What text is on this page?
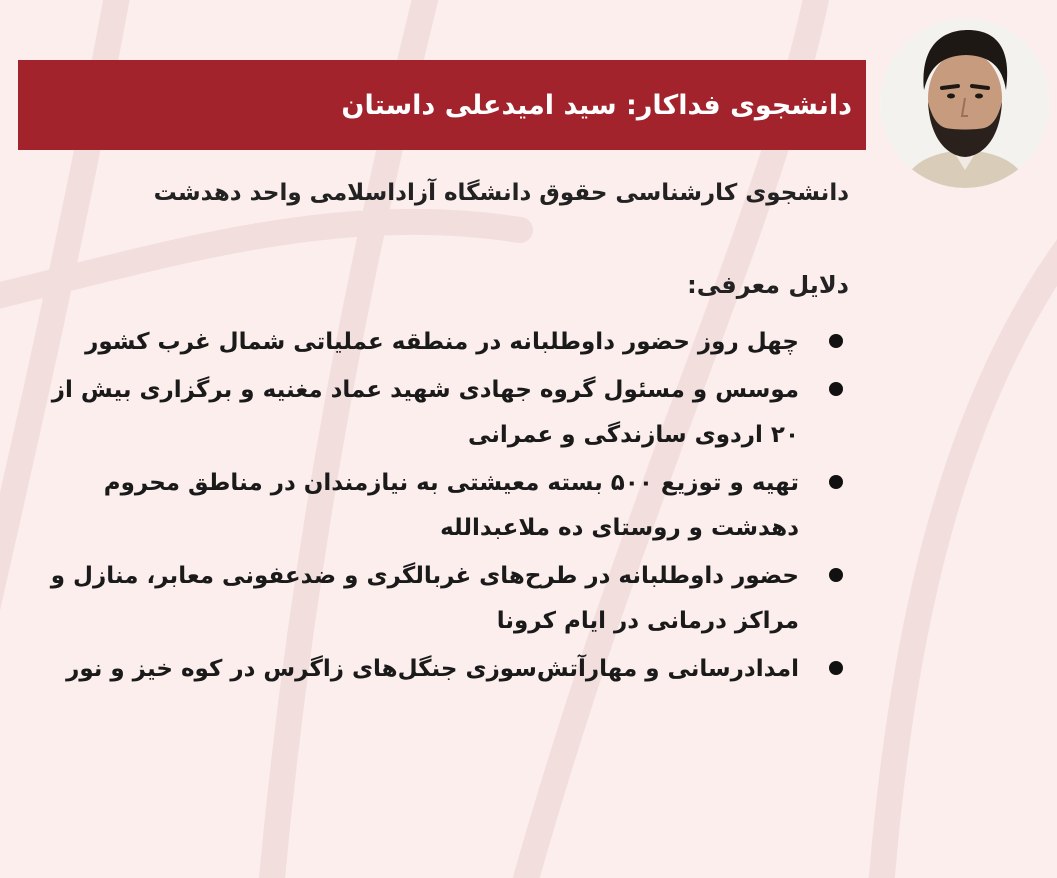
دانشجوی فداکار: سید امیدعلی داستان
دانشجوی کارشناسی حقوق دانشگاه آزاداسلامی واحد دهدشت
دلایل معرفی:
چهل روز حضور داوطلبانه در منطقه عملیاتی شمال غرب کشور
موسس و مسئول گروه جهادی شهید عماد مغنیه و برگزاری بیش از ۲۰ اردوی سازندگی و عمرانی
تهیه و توزیع ۵۰۰ بسته معیشتی به نیازمندان در مناطق محروم دهدشت و روستای ده ملاعبدالله
حضور داوطلبانه در طرح‌های غربالگری و ضدعفونی معابر، منازل و مراکز درمانی در ایام کرونا
امدادرسانی و مهارآتش‌سوزی جنگل‌های زاگرس در کوه خیز و نور
